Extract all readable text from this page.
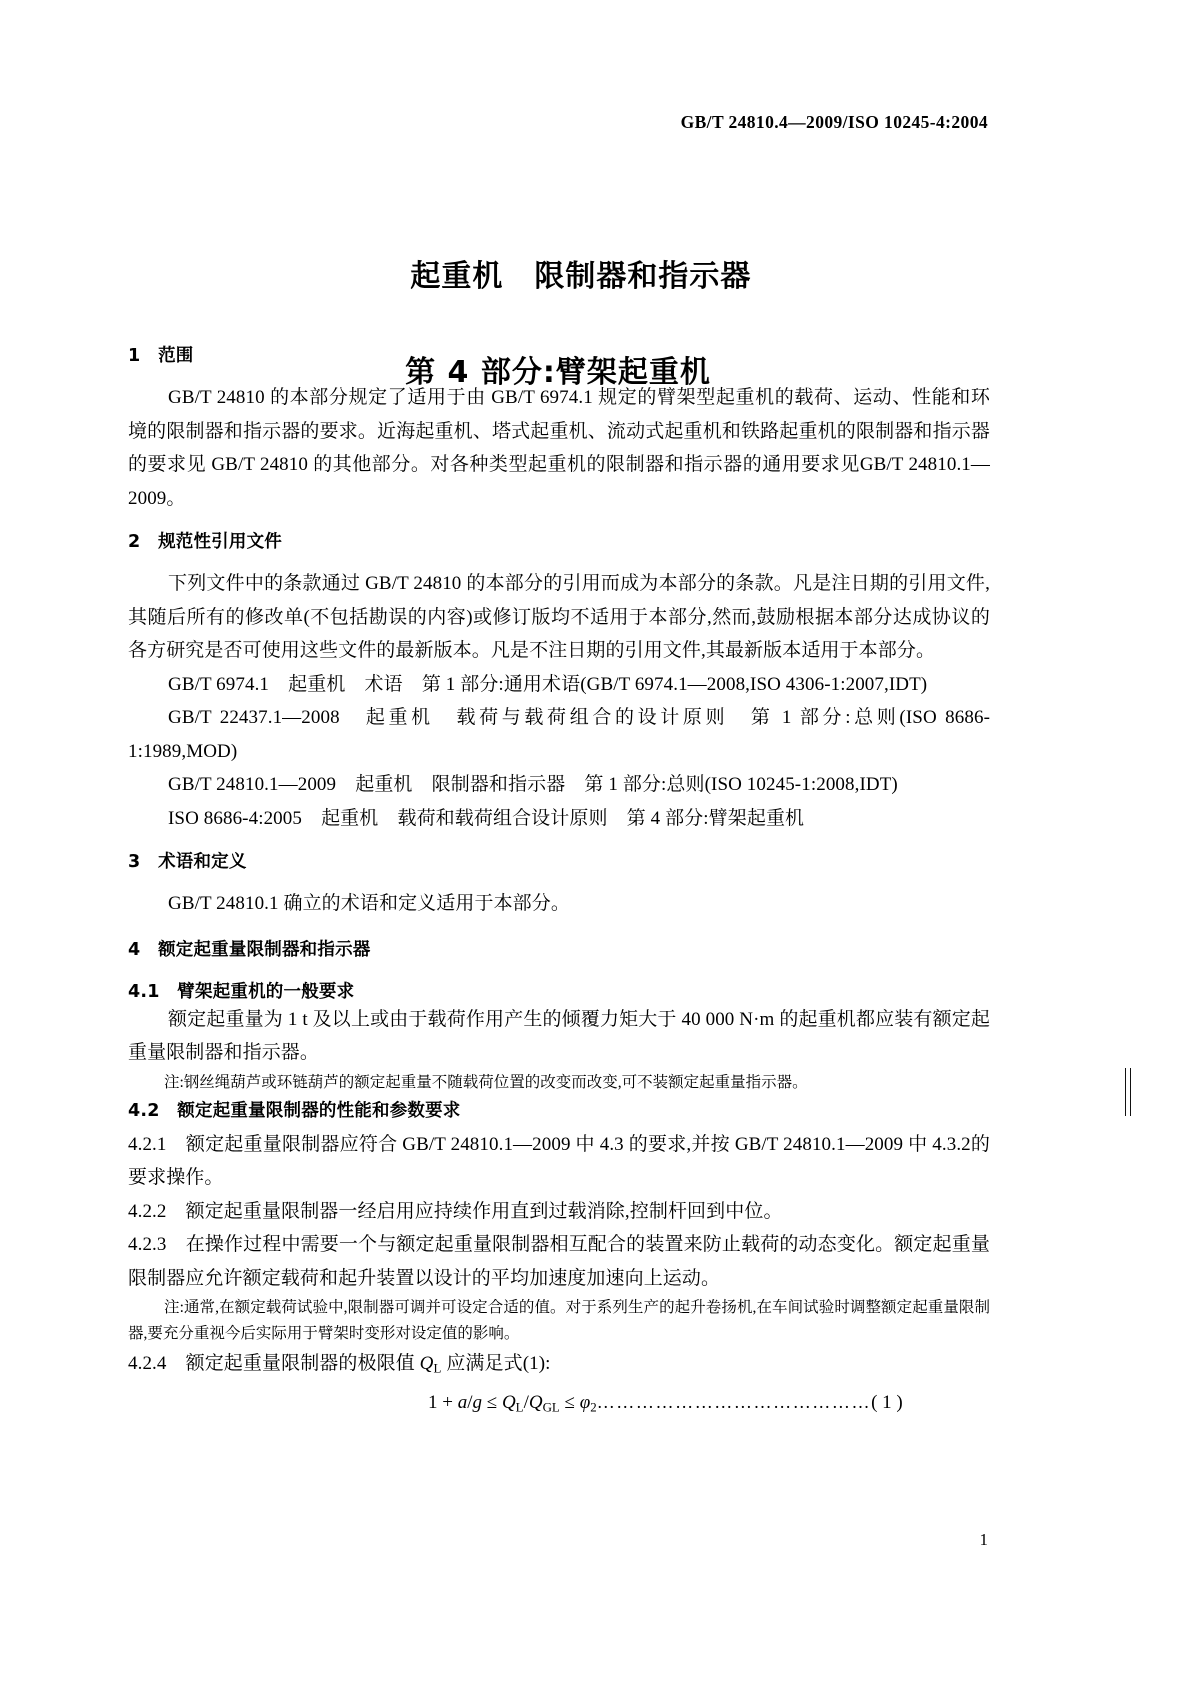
GB/T 24810.4—2009/ISO 10245-4:2004

起重机　限制器和指示器

第 4 部分:臂架起重机

1　范围

GB/T 24810 的本部分规定了适用于由 GB/T 6974.1 规定的臂架型起重机的载荷、运动、性能和环境的限制器和指示器的要求。近海起重机、塔式起重机、流动式起重机和铁路起重机的限制器和指示器的要求见 GB/T 24810 的其他部分。对各种类型起重机的限制器和指示器的通用要求见GB/T 24810.1—2009。

2　规范性引用文件

下列文件中的条款通过 GB/T 24810 的本部分的引用而成为本部分的条款。凡是注日期的引用文件,其随后所有的修改单(不包括勘误的内容)或修订版均不适用于本部分,然而,鼓励根据本部分达成协议的各方研究是否可使用这些文件的最新版本。凡是不注日期的引用文件,其最新版本适用于本部分。

GB/T 6974.1　起重机　术语　第 1 部分:通用术语(GB/T 6974.1—2008,ISO 4306-1:2007,IDT)

GB/T 22437.1—2008　起重机　载荷与载荷组合的设计原则　第 1 部分:总则(ISO 8686-1:1989,MOD)

GB/T 24810.1—2009　起重机　限制器和指示器　第 1 部分:总则(ISO 10245-1:2008,IDT)

ISO 8686-4:2005　起重机　载荷和载荷组合设计原则　第 4 部分:臂架起重机

3　术语和定义

GB/T 24810.1 确立的术语和定义适用于本部分。

4　额定起重量限制器和指示器
4.1　臂架起重机的一般要求

额定起重量为 1 t 及以上或由于载荷作用产生的倾覆力矩大于 40 000 N·m 的起重机都应装有额定起重量限制器和指示器。

注:钢丝绳葫芦或环链葫芦的额定起重量不随载荷位置的改变而改变,可不装额定起重量指示器。

4.2　额定起重量限制器的性能和参数要求

4.2.1　额定起重量限制器应符合 GB/T 24810.1—2009 中 4.3 的要求,并按 GB/T 24810.1—2009 中 4.3.2的要求操作。

4.2.2　额定起重量限制器一经启用应持续作用直到过载消除,控制杆回到中位。

4.2.3　在操作过程中需要一个与额定起重量限制器相互配合的装置来防止载荷的动态变化。额定起重量限制器应允许额定载荷和起升装置以设计的平均加速度加速向上运动。

注:通常,在额定载荷试验中,限制器可调并可设定合适的值。对于系列生产的起升卷扬机,在车间试验时调整额定起重量限制器,要充分重视今后实际用于臂架时变形对设定值的影响。

4.2.4　额定起重量限制器的极限值 $Q_L$ 应满足式(1):

$1 + a/g \le Q_L/Q_{GL}$ ≤ $\varphi_2\dots\dots\dots\dots\dots\dots\dots\dots\dots\dots\dots\dots\dots\dots$( 1 )
1
